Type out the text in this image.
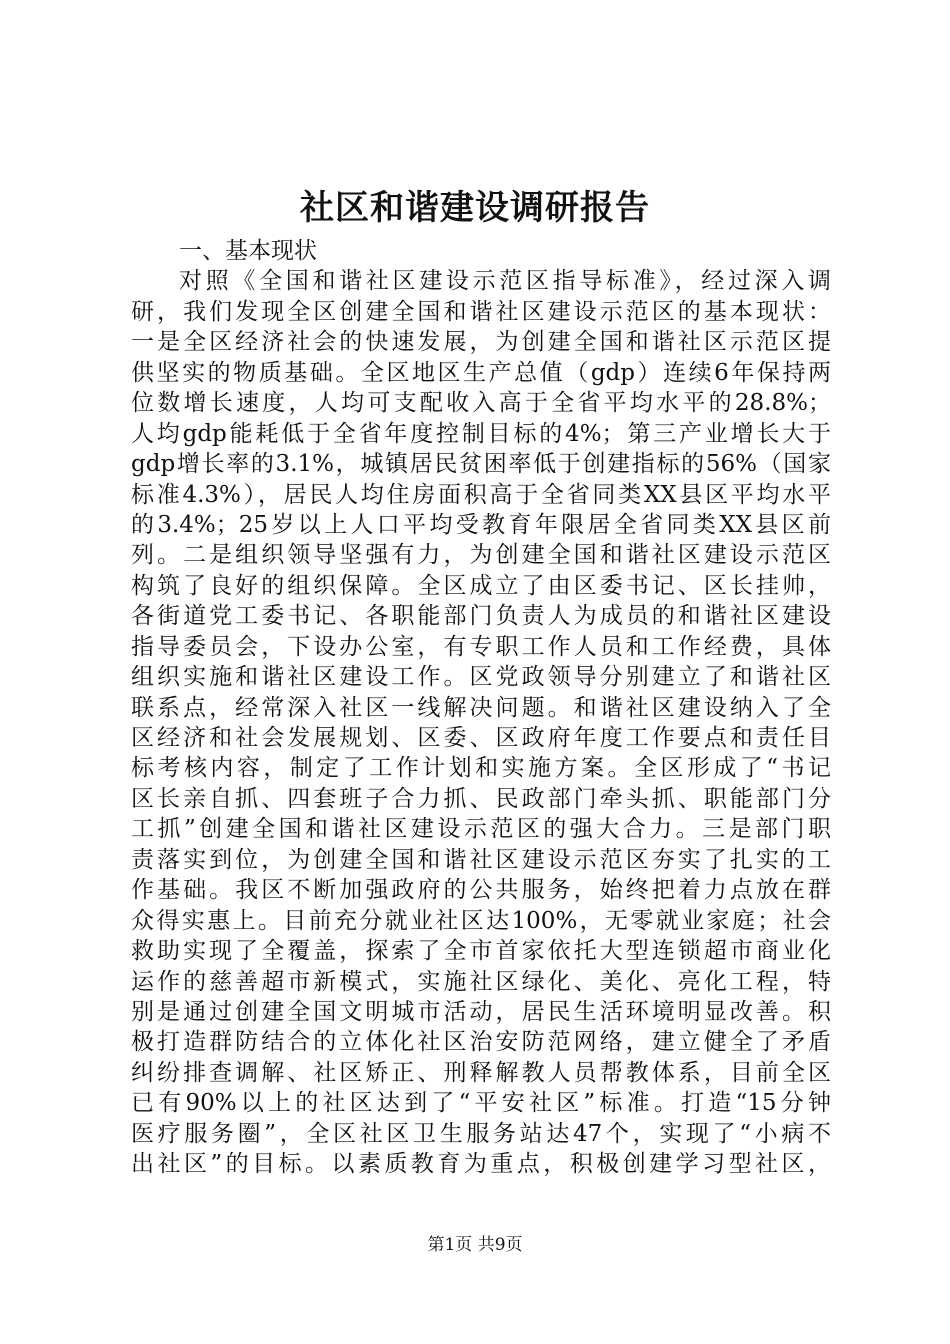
社区和谐建设调研报告
一、基本现状
对照《全国和谐社区建设示范区指导标准》，经过深入调
研，我们发现全区创建全国和谐社区建设示范区的基本现状：
一是全区经济社会的快速发展，为创建全国和谐社区示范区提
供坚实的物质基础。全区地区生产总值（gdp）连续6年保持两
位数增长速度，人均可支配收入高于全省平均水平的28.8%；
人均gdp能耗低于全省年度控制目标的4%；第三产业增长大于
gdp增长率的3.1%，城镇居民贫困率低于创建指标的56%（国家
标准4.3%），居民人均住房面积高于全省同类XX县区平均水平
的3.4%；25岁以上人口平均受教育年限居全省同类XX县区前
列。二是组织领导坚强有力，为创建全国和谐社区建设示范区
构筑了良好的组织保障。全区成立了由区委书记、区长挂帅，
各街道党工委书记、各职能部门负责人为成员的和谐社区建设
指导委员会，下设办公室，有专职工作人员和工作经费，具体
组织实施和谐社区建设工作。区党政领导分别建立了和谐社区
联系点，经常深入社区一线解决问题。和谐社区建设纳入了全
区经济和社会发展规划、区委、区政府年度工作要点和责任目
标考核内容，制定了工作计划和实施方案。全区形成了“书记
区长亲自抓、四套班子合力抓、民政部门牵头抓、职能部门分
工抓”创建全国和谐社区建设示范区的强大合力。三是部门职
责落实到位，为创建全国和谐社区建设示范区夯实了扎实的工
作基础。我区不断加强政府的公共服务，始终把着力点放在群
众得实惠上。目前充分就业社区达100%，无零就业家庭；社会
救助实现了全覆盖，探索了全市首家依托大型连锁超市商业化
运作的慈善超市新模式，实施社区绿化、美化、亮化工程，特
别是通过创建全国文明城市活动，居民生活环境明显改善。积
极打造群防结合的立体化社区治安防范网络，建立健全了矛盾
纠纷排查调解、社区矫正、刑释解教人员帮教体系，目前全区
已有90%以上的社区达到了“平安社区”标准。打造“15分钟
医疗服务圈”，全区社区卫生服务站达47个，实现了“小病不
出社区”的目标。以素质教育为重点，积极创建学习型社区，
第1页 共9页
